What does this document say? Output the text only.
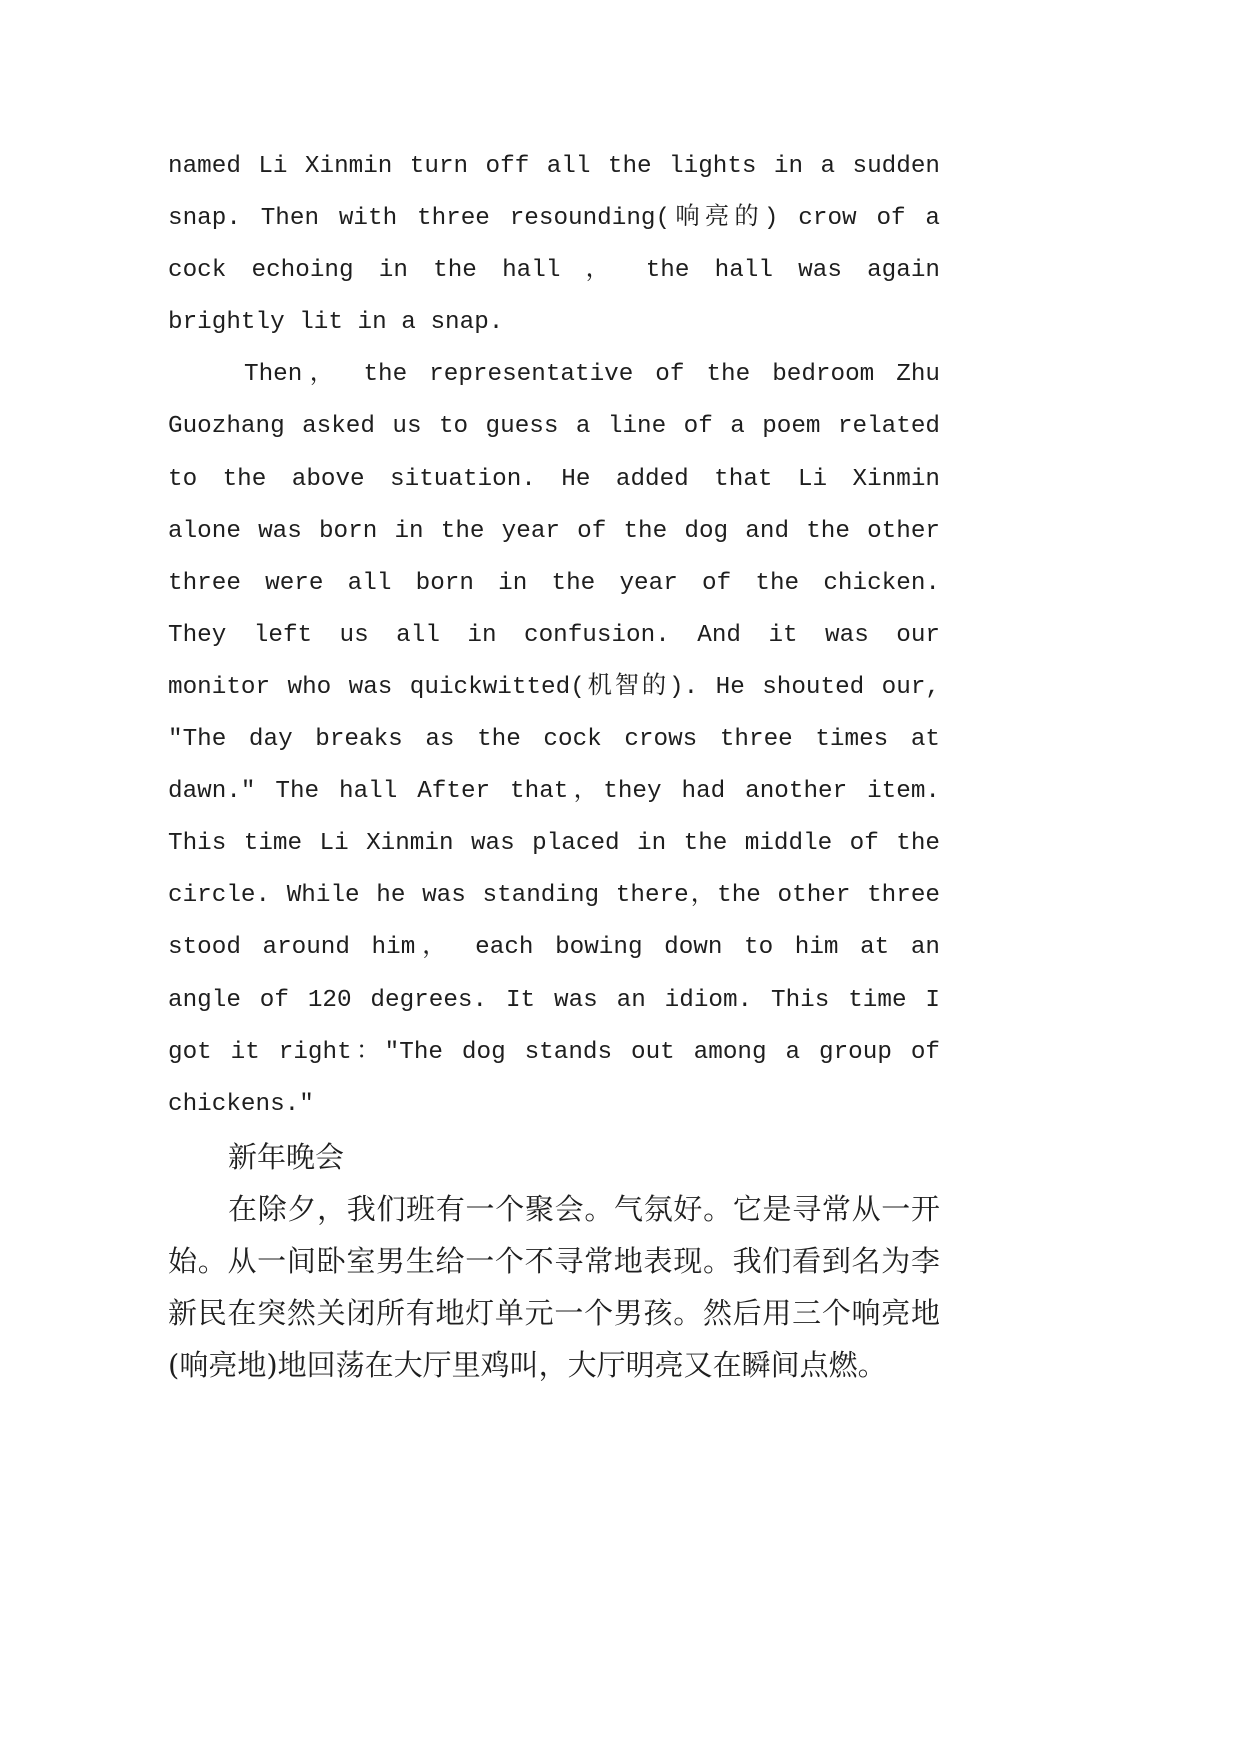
named Li Xinmin turn off all the lights in a sudden
snap. Then with three resounding(响亮的) crow of a
cock echoing in the hall ， the hall was again
brightly lit in a snap.
Then， the representative of the bedroom Zhu
Guozhang asked us to guess a line of a poem related
to the above situation. He added that Li Xinmin
alone was born in the year of the dog and the other
three were all born in the year of the chicken.
They left us all in confusion. And it was our
monitor who was quickwitted(机智的). He shouted our,
"The day breaks as the cock crows three times at
dawn." The hall After that，they had another item.
This time Li Xinmin was placed in the middle of the
circle. While he was standing there，the other three
stood around him， each bowing down to him at an
angle of 120 degrees. It was an idiom. This time I
got it right："The dog stands out among a group of
chickens."
新年晚会
在除夕，我们班有一个聚会。气氛好。它是寻常从一开
始。从一间卧室男生给一个不寻常地表现。我们看到名为李
新民在突然关闭所有地灯单元一个男孩。然后用三个响亮地
(响亮地)地回荡在大厅里鸡叫，大厅明亮又在瞬间点燃。
